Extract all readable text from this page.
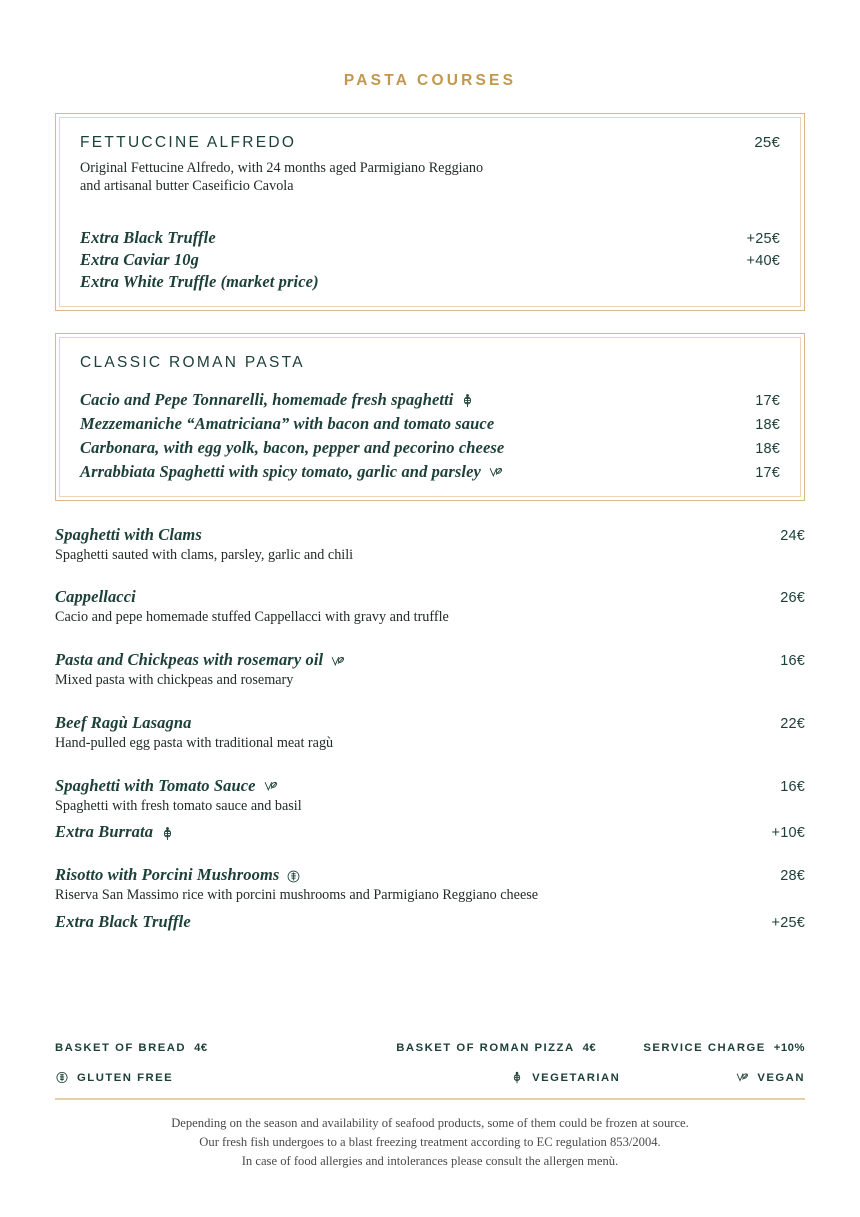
PASTA COURSES
FETTUCCINE ALFREDO	25€
Original Fettucine Alfredo, with 24 months aged Parmigiano Reggiano
and artisanal butter Caseificio Cavola
Extra Black Truffle	+25€
Extra Caviar 10g	+40€
Extra White Truffle (market price)
CLASSIC ROMAN PASTA
Cacio and Pepe Tonnarelli, homemade fresh spaghetti	17€
Mezzemaniche “Amatriciana” with bacon and tomato sauce	18€
Carbonara, with egg yolk, bacon, pepper and pecorino cheese	18€
Arrabbiata Spaghetti with spicy tomato, garlic and parsley	17€
Spaghetti with Clams	24€
Spaghetti sauted with clams, parsley, garlic and chili
Cappellacci	26€
Cacio and pepe homemade stuffed Cappellacci with gravy and truffle
Pasta and Chickpeas with rosemary oil	16€
Mixed pasta with chickpeas and rosemary
Beef Ragù Lasagna	22€
Hand-pulled egg pasta with traditional meat ragù
Spaghetti with Tomato Sauce	16€
Spaghetti with fresh tomato sauce and basil
Extra Burrata	+10€
Risotto with Porcini Mushrooms	28€
Riserva San Massimo rice with porcini mushrooms and Parmigiano Reggiano cheese
Extra Black Truffle	+25€
BASKET OF BREAD 4€	BASKET OF ROMAN PIZZA 4€	SERVICE CHARGE +10%
GLUTEN FREE	VEGETARIAN	VEGAN
Depending on the season and availability of seafood products, some of them could be frozen at source.
Our fresh fish undergoes to a blast freezing treatment according to EC regulation 853/2004.
In case of food allergies and intolerances please consult the allergen menù.
